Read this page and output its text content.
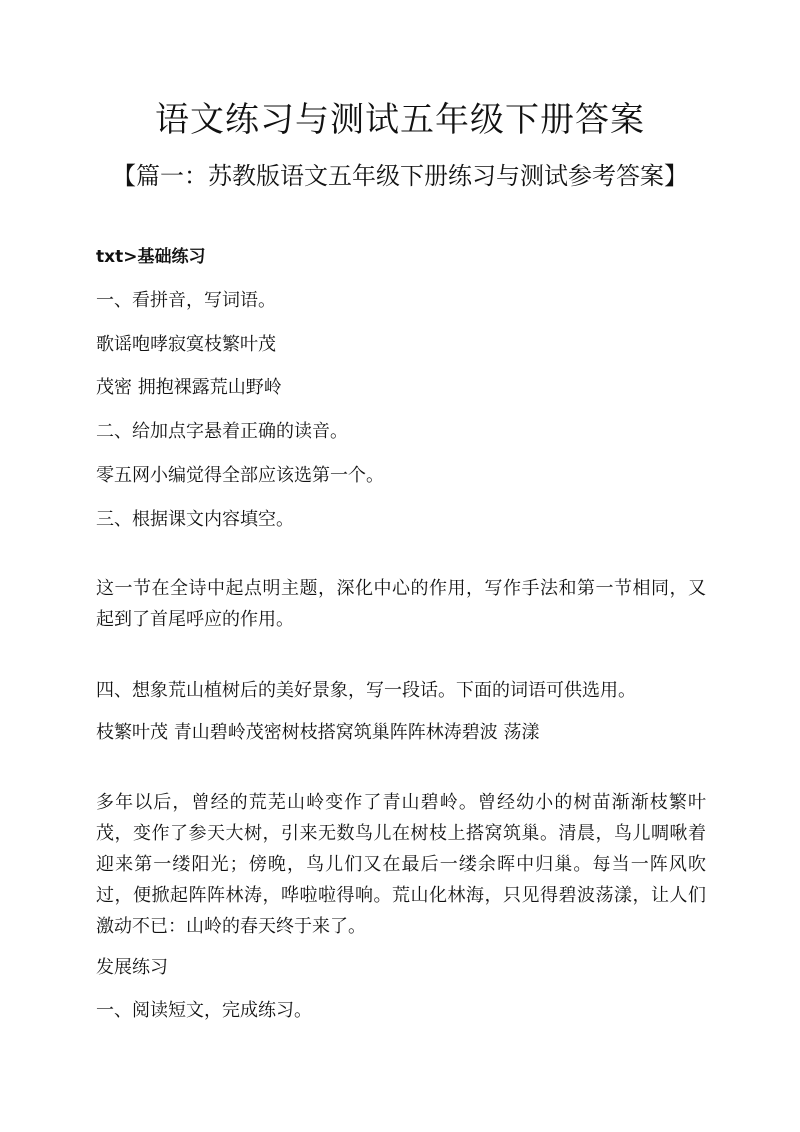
语文练习与测试五年级下册答案
【篇一：苏教版语文五年级下册练习与测试参考答案】
txt>基础练习
一、看拼音，写词语。
歌谣咆哮寂寞枝繁叶茂
茂密 拥抱裸露荒山野岭
二、给加点字悬着正确的读音。
零五网小编觉得全部应该选第一个。
三、根据课文内容填空。
这一节在全诗中起点明主题，深化中心的作用，写作手法和第一节相同，又起到了首尾呼应的作用。
四、想象荒山植树后的美好景象，写一段话。下面的词语可供选用。
枝繁叶茂 青山碧岭茂密树枝搭窝筑巢阵阵林涛碧波 荡漾
多年以后，曾经的荒芜山岭变作了青山碧岭。曾经幼小的树苗渐渐枝繁叶茂，变作了参天大树，引来无数鸟儿在树枝上搭窝筑巢。清晨，鸟儿啁啾着迎来第一缕阳光；傍晚，鸟儿们又在最后一缕余晖中归巢。每当一阵风吹过，便掀起阵阵林涛，哗啦啦得响。荒山化林海，只见得碧波荡漾，让人们激动不已：山岭的春天终于来了。
发展练习
一、阅读短文，完成练习。
